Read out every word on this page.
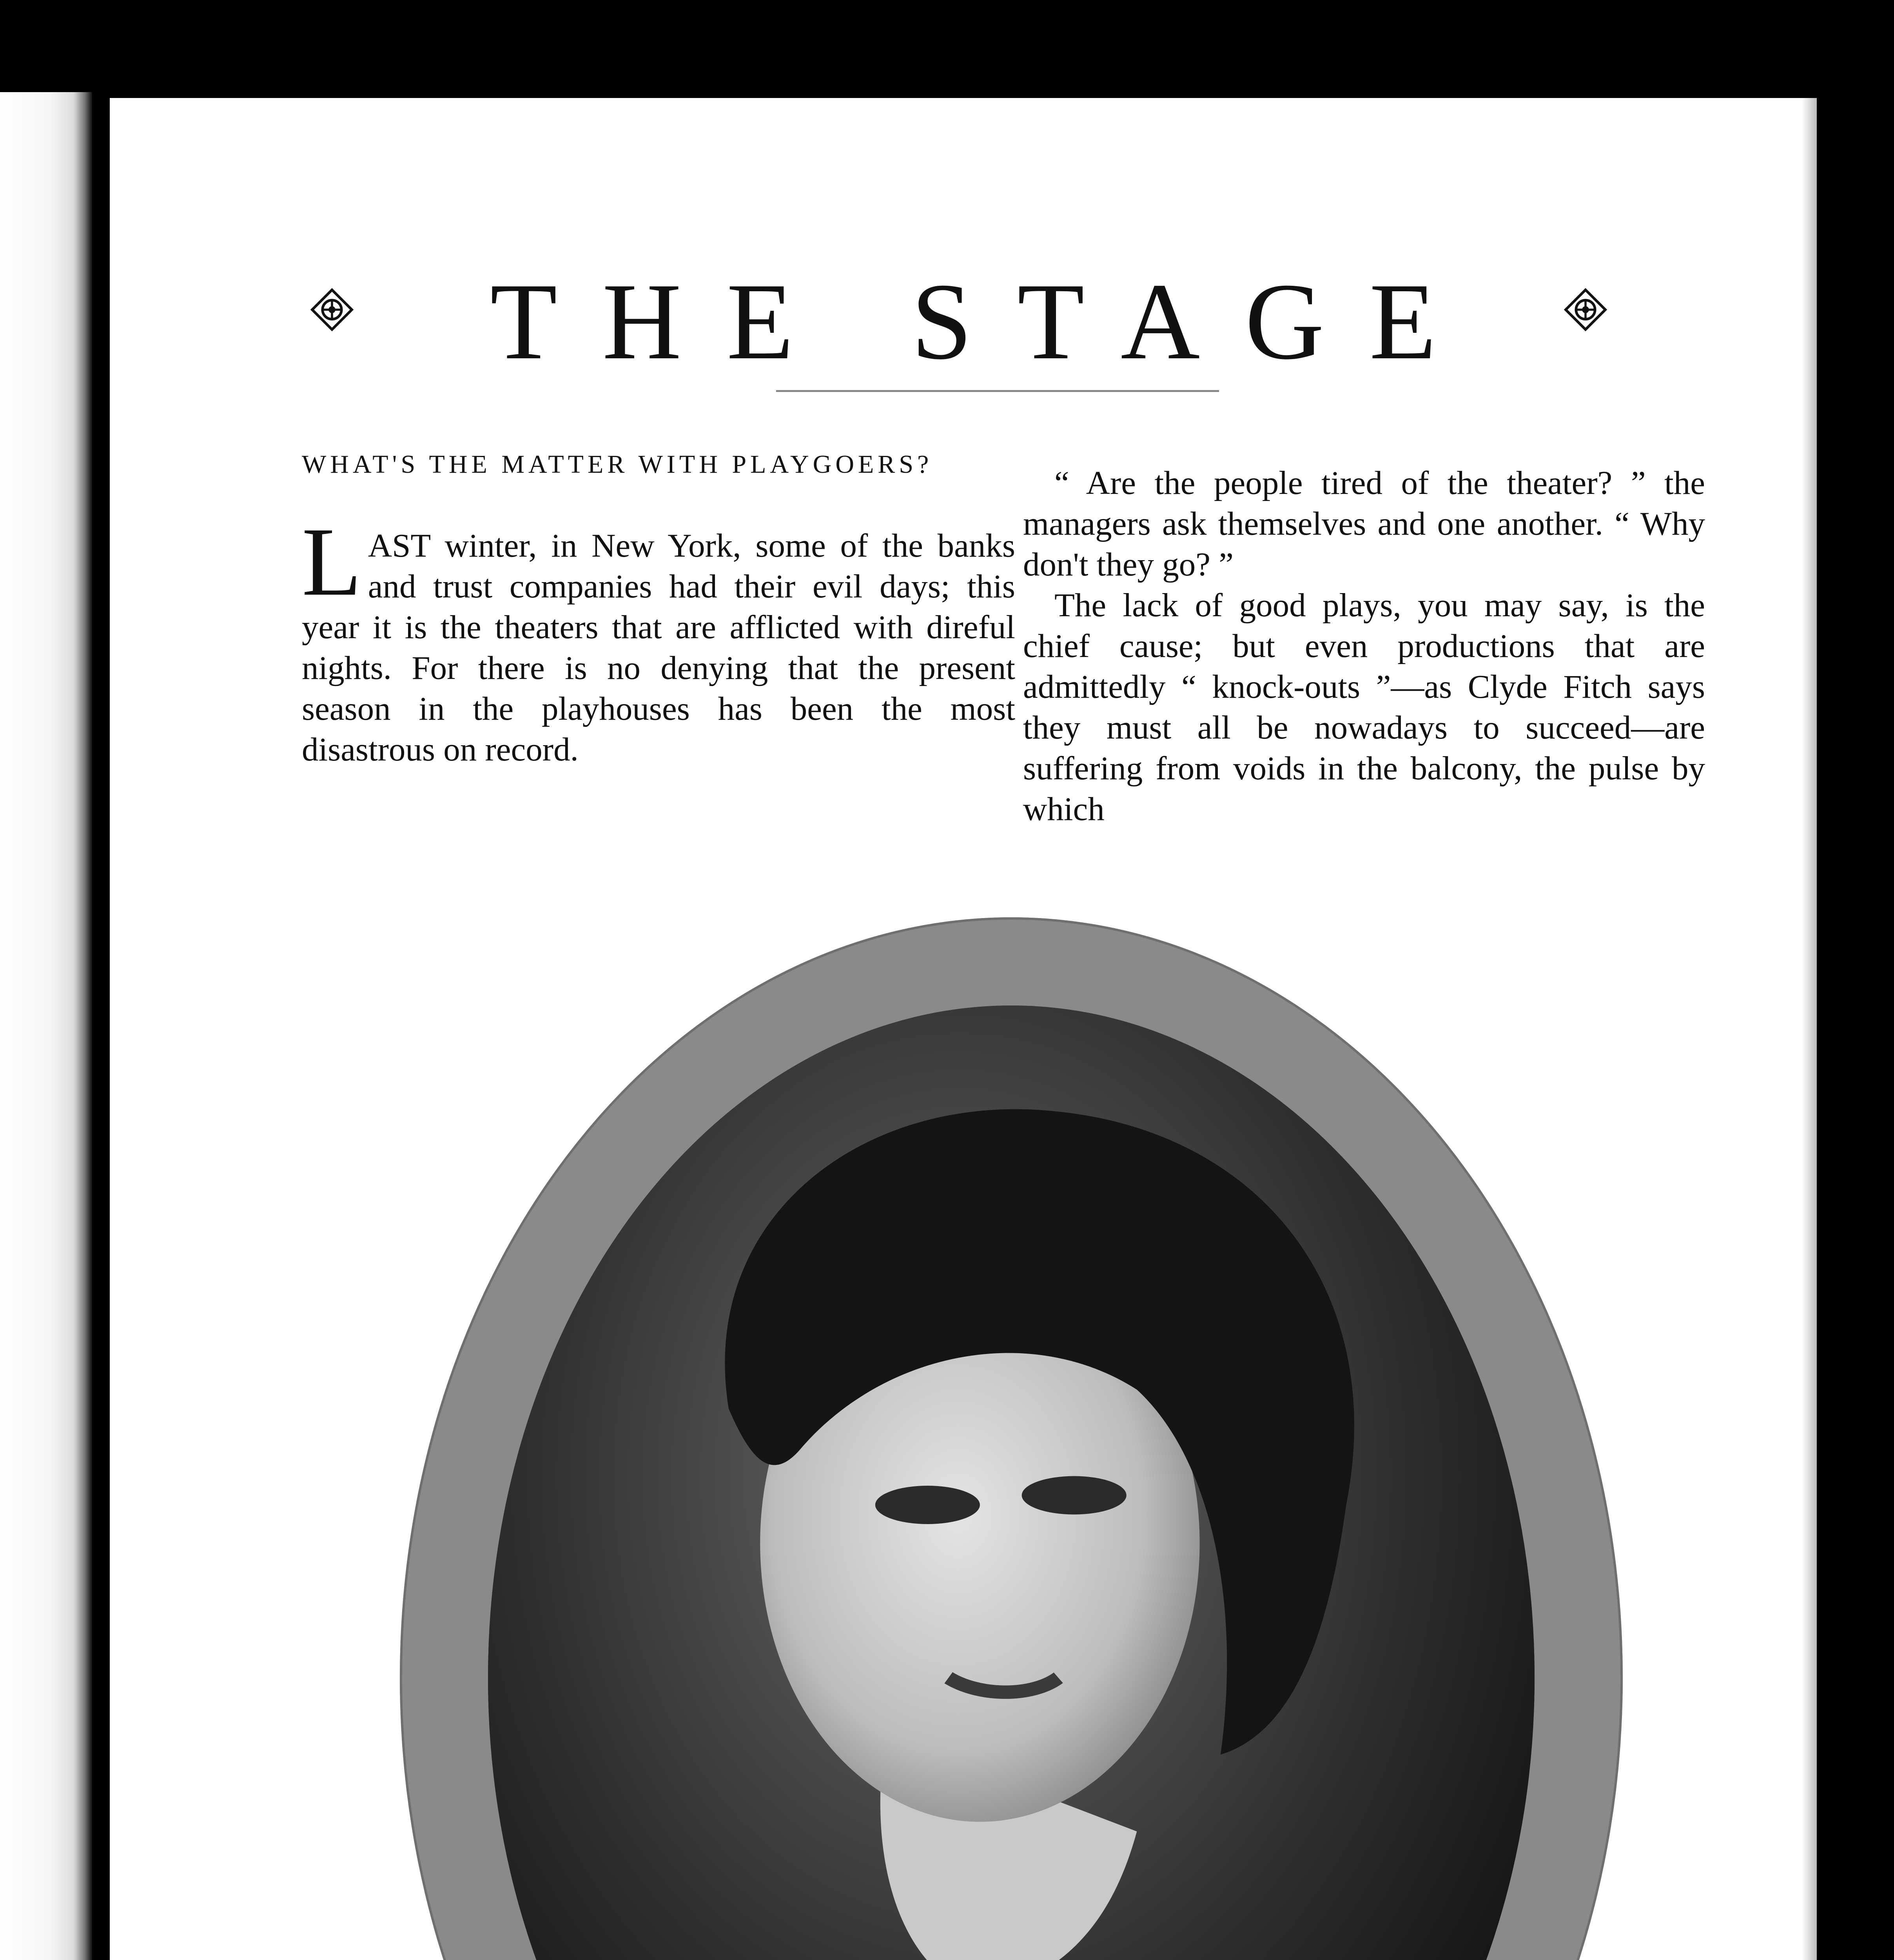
THE STAGE
WHAT'S THE MATTER WITH PLAYGOERS?

LAST winter, in New York, some of the banks and trust companies had their evil days; this year it is the theaters that are afflicted with direful nights. For there is no denying that the present season in the playhouses has been the most disastrous on record.

“ Are the people tired of the theater? ” the managers ask themselves and one another. “ Why don't they go? ”

The lack of good plays, you may say, is the chief cause; but even productions that are admittedly “ knock-outs ”—as Clyde Fitch says they must all be nowadays to succeed—are suffering from voids in the balcony, the pulse by which
